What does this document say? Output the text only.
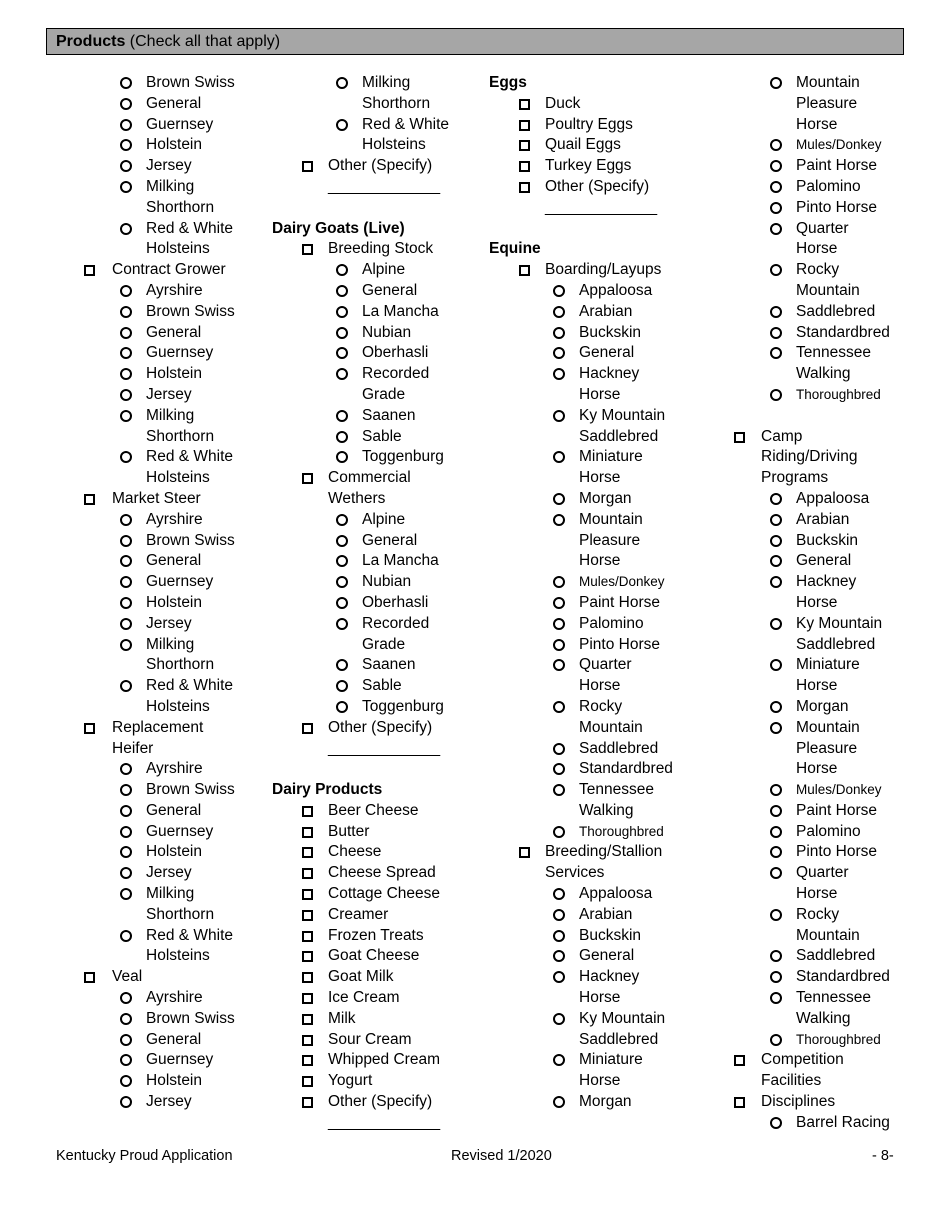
Products (Check all that apply)
Brown Swiss
General
Guernsey
Holstein
Jersey
Milking
Shorthorn
Red & White
Holsteins
Contract Grower
Ayrshire
Brown Swiss
General
Guernsey
Holstein
Jersey
Milking
Shorthorn
Red & White
Holsteins
Market Steer
Ayrshire
Brown Swiss
General
Guernsey
Holstein
Jersey
Milking
Shorthorn
Red & White
Holsteins
Replacement
Heifer
Ayrshire
Brown Swiss
General
Guernsey
Holstein
Jersey
Milking
Shorthorn
Red & White
Holsteins
Veal
Ayrshire
Brown Swiss
General
Guernsey
Holstein
Jersey
Milking
Shorthorn
Red & White
Holsteins
Other (Specify)
_____________
Dairy Goats (Live)
Breeding Stock
Alpine
General
La Mancha
Nubian
Oberhasli
Recorded
Grade
Saanen
Sable
Toggenburg
Commercial
Wethers
Alpine
General
La Mancha
Nubian
Oberhasli
Recorded
Grade
Saanen
Sable
Toggenburg
Other (Specify)
_____________
Dairy Products
Beer Cheese
Butter
Cheese
Cheese Spread
Cottage Cheese
Creamer
Frozen Treats
Goat Cheese
Goat Milk
Ice Cream
Milk
Sour Cream
Whipped Cream
Yogurt
Other (Specify)
_____________
Eggs
Duck
Poultry Eggs
Quail Eggs
Turkey Eggs
Other (Specify)
_____________
Equine
Boarding/Layups
Appaloosa
Arabian
Buckskin
General
Hackney
Horse
Ky Mountain
Saddlebred
Miniature
Horse
Morgan
Mountain
Pleasure
Horse
Mules/Donkey
Paint Horse
Palomino
Pinto Horse
Quarter
Horse
Rocky
Mountain
Saddlebred
Standardbred
Tennessee
Walking
Thoroughbred
Breeding/Stallion
Services
Appaloosa
Arabian
Buckskin
General
Hackney
Horse
Ky Mountain
Saddlebred
Miniature
Horse
Morgan
Mountain
Pleasure
Horse
Mules/Donkey
Paint Horse
Palomino
Pinto Horse
Quarter
Horse
Rocky
Mountain
Saddlebred
Standardbred
Tennessee
Walking
Thoroughbred
Camp
Riding/Driving
Programs
Appaloosa
Arabian
Buckskin
General
Hackney
Horse
Ky Mountain
Saddlebred
Miniature
Horse
Morgan
Mountain
Pleasure
Horse
Mules/Donkey
Paint Horse
Palomino
Pinto Horse
Quarter
Horse
Rocky
Mountain
Saddlebred
Standardbred
Tennessee
Walking
Thoroughbred
Competition
Facilities
Disciplines
Barrel Racing
Kentucky Proud Application	Revised 1/2020	- 8-
